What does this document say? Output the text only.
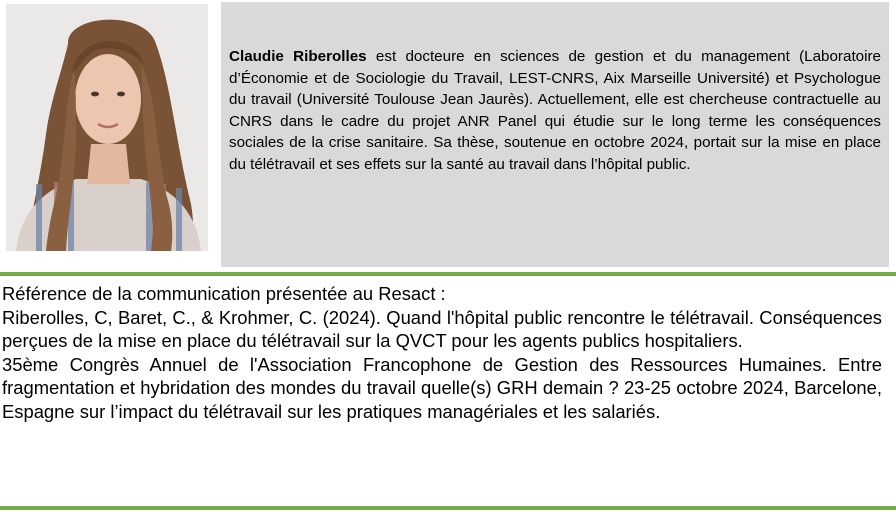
Claudie Riberolles est docteure en sciences de gestion et du management (Laboratoire d’Économie et de Sociologie du Travail, LEST-CNRS, Aix Marseille Université) et Psychologue du travail (Université Toulouse Jean Jaurès). Actuellement, elle est chercheuse contractuelle au CNRS dans le cadre du projet ANR Panel qui étudie sur le long terme les conséquences sociales de la crise sanitaire. Sa thèse, soutenue en octobre 2024, portait sur la mise en place du télétravail et ses effets sur la santé au travail dans l’hôpital public.

Référence de la communication présentée au Resact :

Riberolles, C, Baret, C., & Krohmer, C. (2024). Quand l'hôpital public rencontre le télétravail. Conséquences perçues de la mise en place du télétravail sur la QVCT pour les agents publics hospitaliers.

35ème Congrès Annuel de l'Association Francophone de Gestion des Ressources Humaines. Entre fragmentation et hybridation des mondes du travail quelle(s) GRH demain ? 23-25 octobre 2024, Barcelone, Espagne sur l’impact du télétravail sur les pratiques managériales et les salariés.
